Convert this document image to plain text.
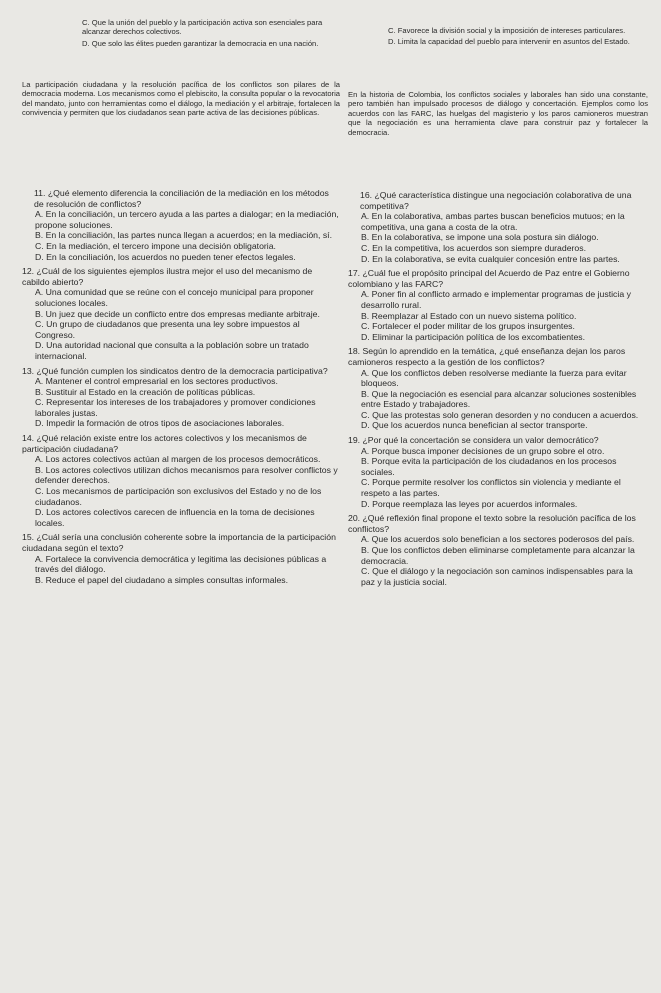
C. Que la unión del pueblo y la participación activa son esenciales para alcanzar derechos colectivos.
D. Que solo las élites pueden garantizar la democracia en una nación.
La participación ciudadana y la resolución pacífica de los conflictos son pilares de la democracia moderna. Los mecanismos como el plebiscito, la consulta popular o la revocatoria del mandato, junto con herramientas como el diálogo, la mediación y el arbitraje, fortalecen la convivencia y permiten que los ciudadanos sean parte activa de las decisiones públicas.
11. ¿Qué elemento diferencia la conciliación de la mediación en los métodos de resolución de conflictos?
A. En la conciliación, un tercero ayuda a las partes a dialogar; en la mediación, propone soluciones.
B. En la conciliación, las partes nunca llegan a acuerdos; en la mediación, sí.
C. En la mediación, el tercero impone una decisión obligatoria.
D. En la conciliación, los acuerdos no pueden tener efectos legales.
12. ¿Cuál de los siguientes ejemplos ilustra mejor el uso del mecanismo de cabildo abierto?
A. Una comunidad que se reúne con el concejo municipal para proponer soluciones locales.
B. Un juez que decide un conflicto entre dos empresas mediante arbitraje.
C. Un grupo de ciudadanos que presenta una ley sobre impuestos al Congreso.
D. Una autoridad nacional que consulta a la población sobre un tratado internacional.
13. ¿Qué función cumplen los sindicatos dentro de la democracia participativa?
A. Mantener el control empresarial en los sectores productivos.
B. Sustituir al Estado en la creación de políticas públicas.
C. Representar los intereses de los trabajadores y promover condiciones laborales justas.
D. Impedir la formación de otros tipos de asociaciones laborales.
14. ¿Qué relación existe entre los actores colectivos y los mecanismos de participación ciudadana?
A. Los actores colectivos actúan al margen de los procesos democráticos.
B. Los actores colectivos utilizan dichos mecanismos para resolver conflictos y defender derechos.
C. Los mecanismos de participación son exclusivos del Estado y no de los ciudadanos.
D. Los actores colectivos carecen de influencia en la toma de decisiones locales.
15. ¿Cuál sería una conclusión coherente sobre la importancia de la participación ciudadana según el texto?
A. Fortalece la convivencia democrática y legitima las decisiones públicas a través del diálogo.
B. Reduce el papel del ciudadano a simples consultas informales.
C. Favorece la división social y la imposición de intereses particulares.
D. Limita la capacidad del pueblo para intervenir en asuntos del Estado.
En la historia de Colombia, los conflictos sociales y laborales han sido una constante, pero también han impulsado procesos de diálogo y concertación. Ejemplos como los acuerdos con las FARC, las huelgas del magisterio y los paros camioneros muestran que la negociación es una herramienta clave para construir paz y fortalecer la democracia.
16. ¿Qué característica distingue una negociación colaborativa de una competitiva?
A. En la colaborativa, ambas partes buscan beneficios mutuos; en la competitiva, una gana a costa de la otra.
B. En la colaborativa, se impone una sola postura sin diálogo.
C. En la competitiva, los acuerdos son siempre duraderos.
D. En la colaborativa, se evita cualquier concesión entre las partes.
17. ¿Cuál fue el propósito principal del Acuerdo de Paz entre el Gobierno colombiano y las FARC?
A. Poner fin al conflicto armado e implementar programas de justicia y desarrollo rural.
B. Reemplazar al Estado con un nuevo sistema político.
C. Fortalecer el poder militar de los grupos insurgentes.
D. Eliminar la participación política de los excombatientes.
18. Según lo aprendido en la temática, ¿qué enseñanza dejan los paros camioneros respecto a la gestión de los conflictos?
A. Que los conflictos deben resolverse mediante la fuerza para evitar bloqueos.
B. Que la negociación es esencial para alcanzar soluciones sostenibles entre Estado y trabajadores.
C. Que las protestas solo generan desorden y no conducen a acuerdos.
D. Que los acuerdos nunca benefician al sector transporte.
19. ¿Por qué la concertación se considera un valor democrático?
A. Porque busca imponer decisiones de un grupo sobre el otro.
B. Porque evita la participación de los ciudadanos en los procesos sociales.
C. Porque permite resolver los conflictos sin violencia y mediante el respeto a las partes.
D. Porque reemplaza las leyes por acuerdos informales.
20. ¿Qué reflexión final propone el texto sobre la resolución pacífica de los conflictos?
A. Que los acuerdos solo benefician a los sectores poderosos del país.
B. Que los conflictos deben eliminarse completamente para alcanzar la democracia.
C. Que el diálogo y la negociación son caminos indispensables para la paz y la justicia social.
